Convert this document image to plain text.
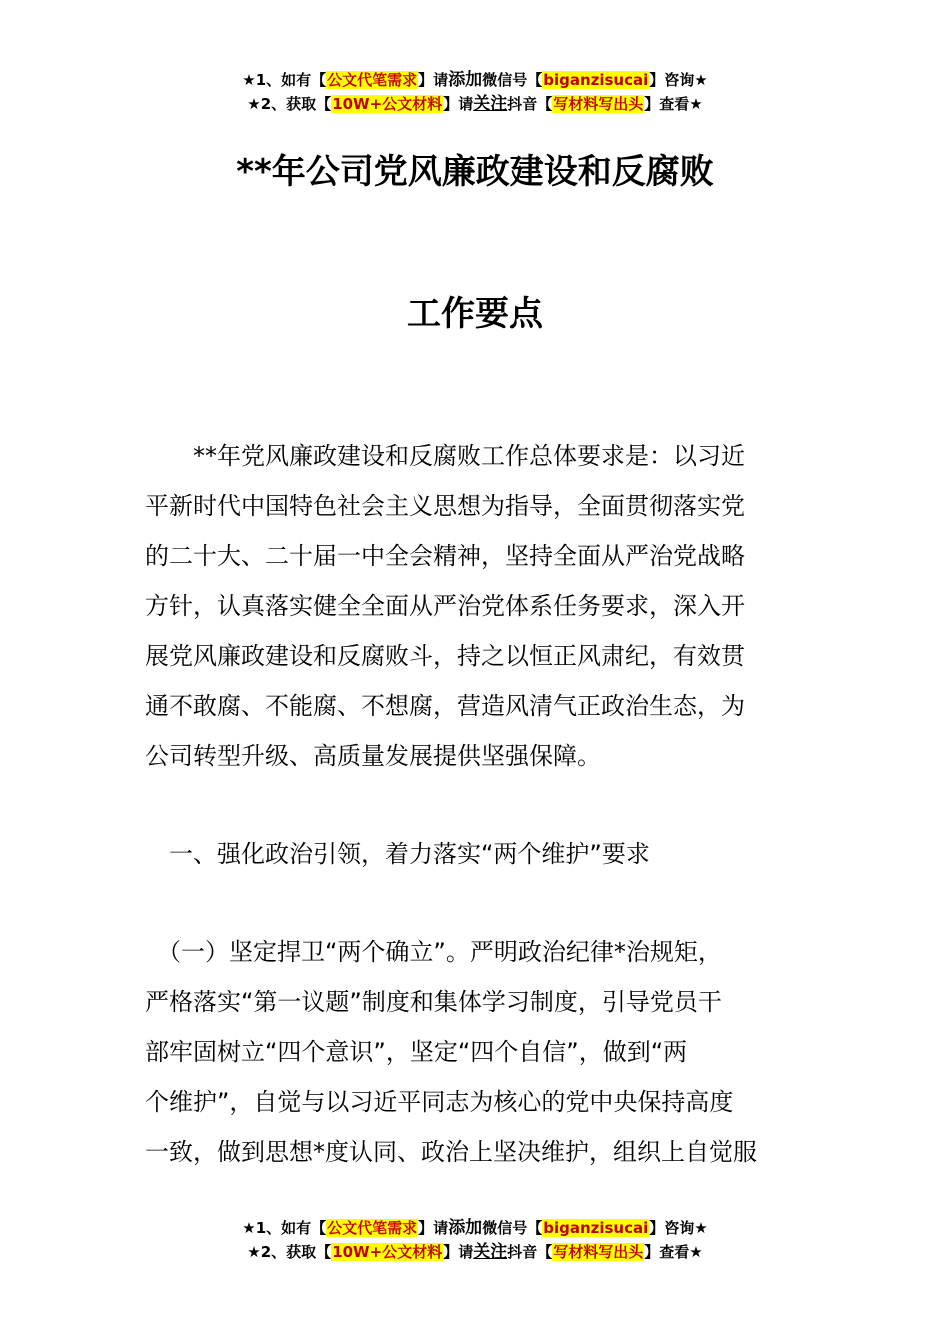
★1、如有【公文代笔需求】请添加微信号【biganzisucai】咨询★
★2、获取【10W+公文材料】请关注抖音【写材料写出头】查看★
**年公司党风廉政建设和反腐败
工作要点
　　**年党风廉政建设和反腐败工作总体要求是：以习近
平新时代中国特色社会主义思想为指导，全面贯彻落实党
的二十大、二十届一中全会精神，坚持全面从严治党战略
方针，认真落实健全全面从严治党体系任务要求，深入开
展党风廉政建设和反腐败斗，持之以恒正风肃纪，有效贯
通不敢腐、不能腐、不想腐，营造风清气正政治生态，为
公司转型升级、高质量发展提供坚强保障。
　一、强化政治引领，着力落实“两个维护”要求
　（一）坚定捍卫“两个确立”。严明政治纪律*治规矩，
严格落实“第一议题”制度和集体学习制度，引导党员干
部牢固树立“四个意识”，坚定“四个自信”，做到“两
个维护”，自觉与以习近平同志为核心的党中央保持高度
一致，做到思想*度认同、政治上坚决维护，组织上自觉服
★1、如有【公文代笔需求】请添加微信号【biganzisucai】咨询★
★2、获取【10W+公文材料】请关注抖音【写材料写出头】查看★
